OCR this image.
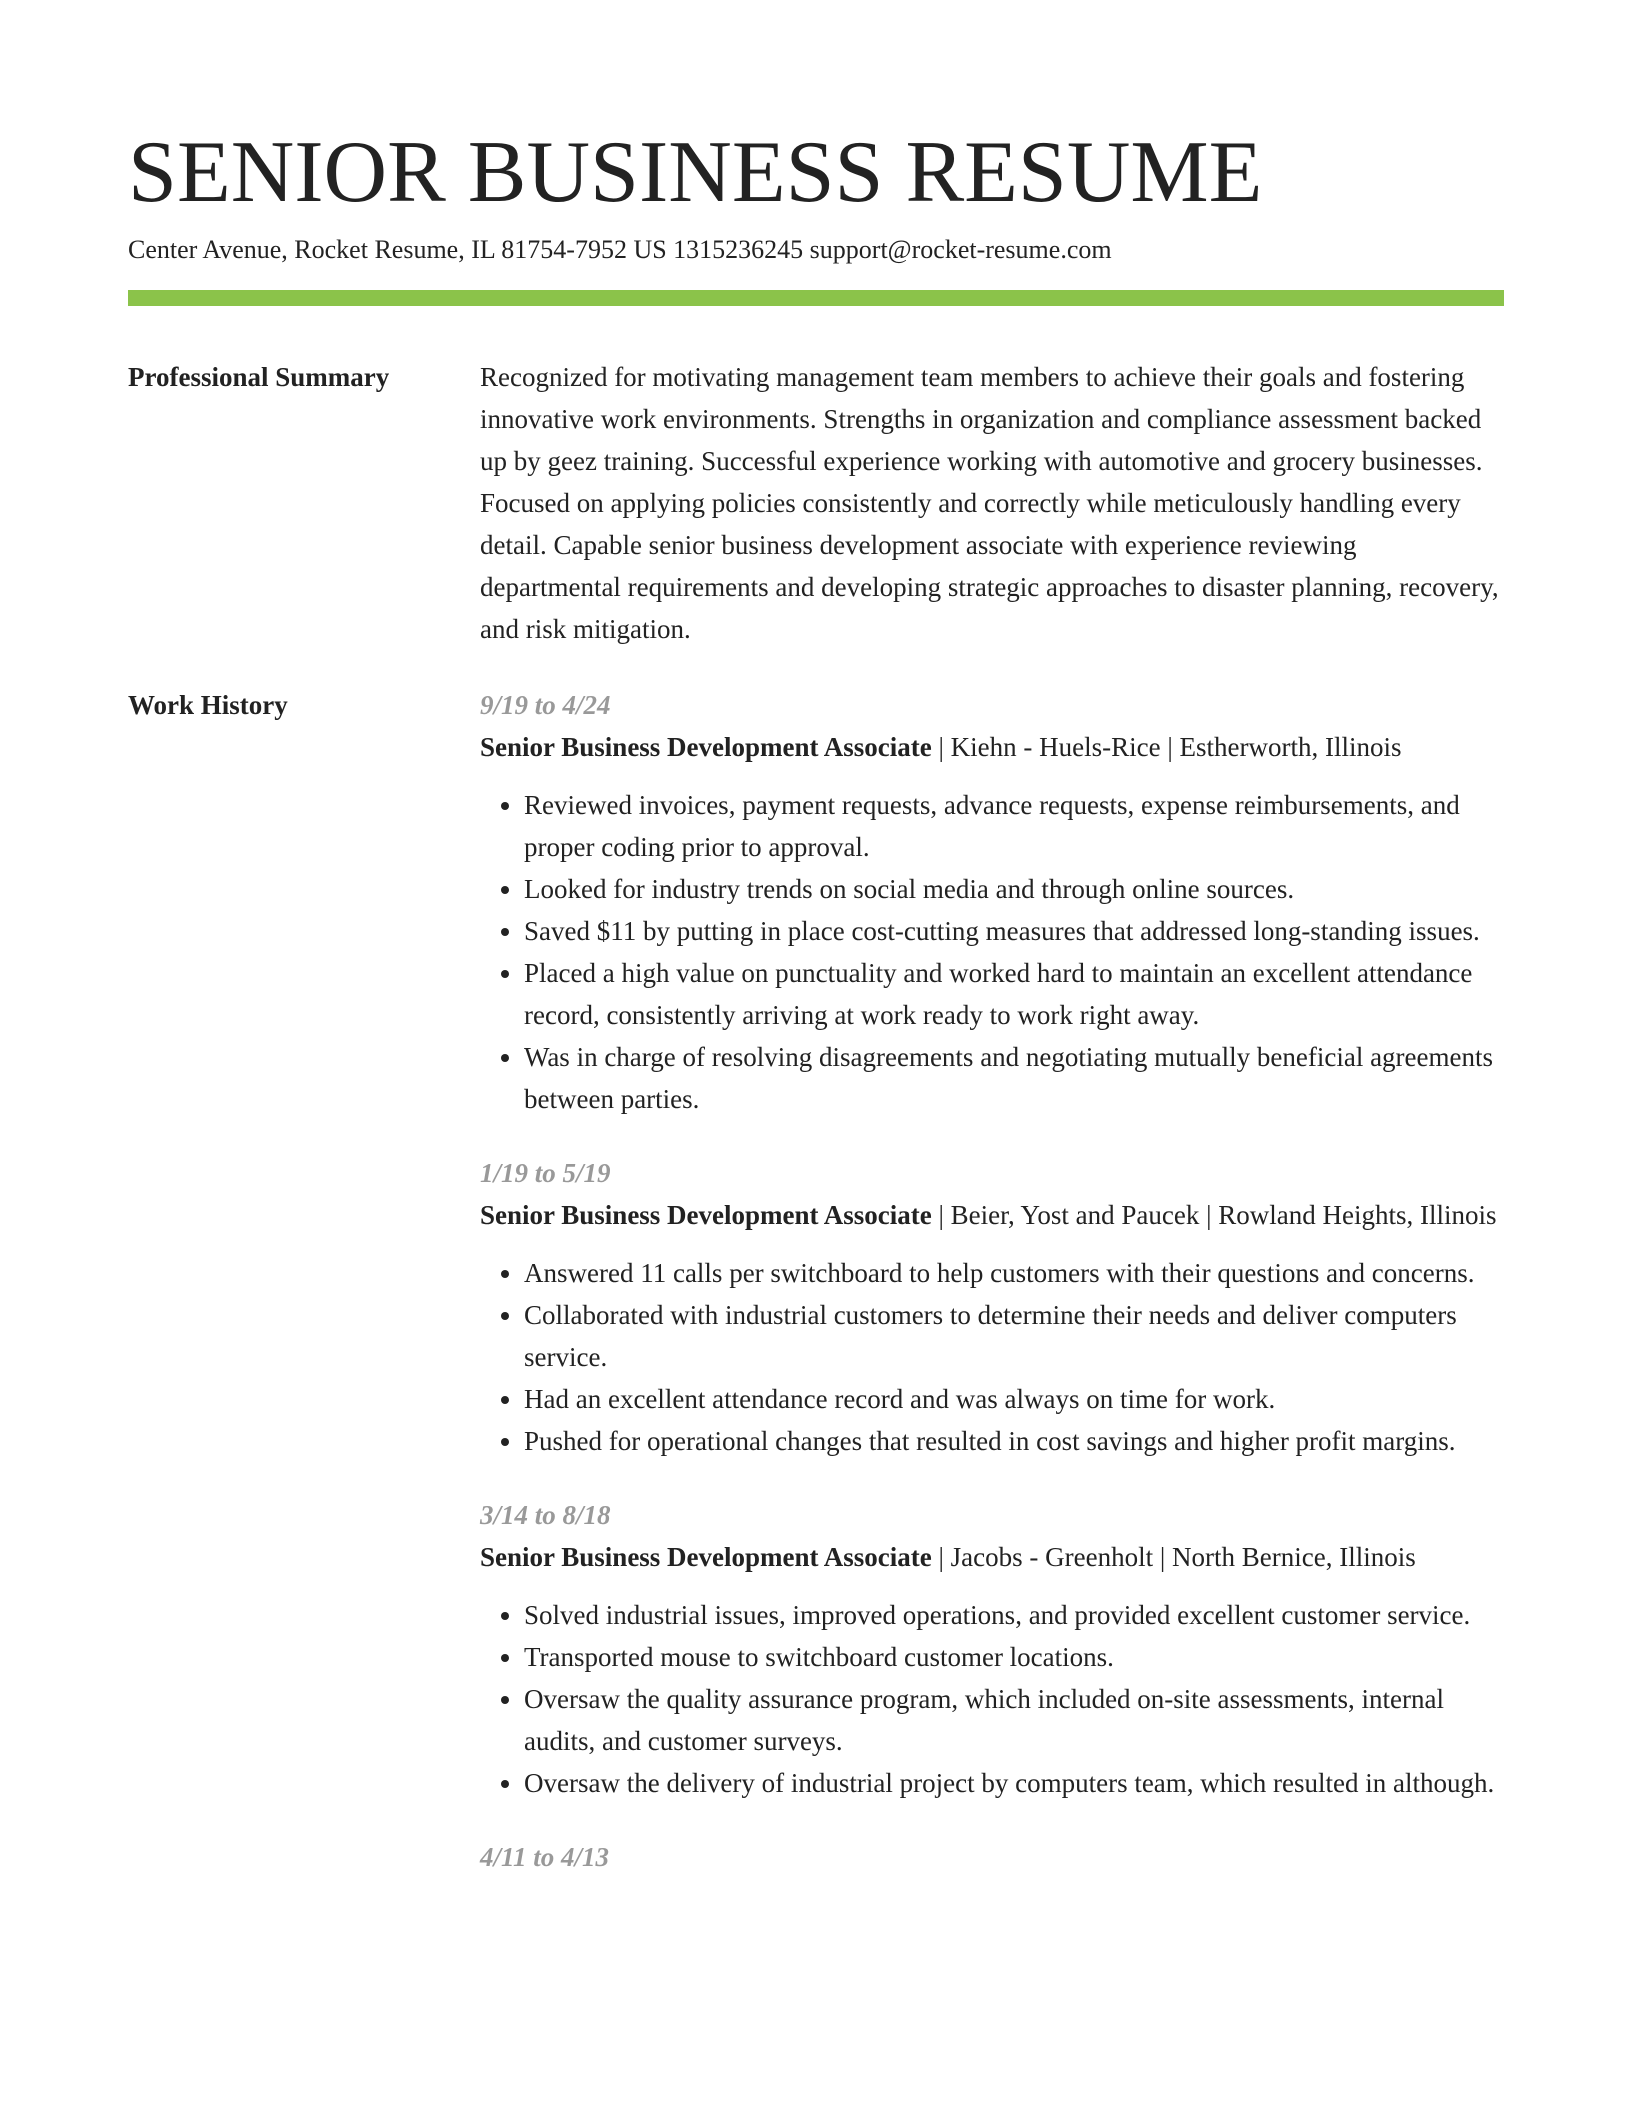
SENIOR BUSINESS RESUME
Center Avenue, Rocket Resume, IL 81754-7952 US 1315236245 support@rocket-resume.com
Professional Summary	Recognized for motivating management team members to achieve their goals and fostering innovative work environments. Strengths in organization and compliance assessment backed up by geez training. Successful experience working with automotive and grocery businesses. Focused on applying policies consistently and correctly while meticulously handling every detail. Capable senior business development associate with experience reviewing departmental requirements and developing strategic approaches to disaster planning, recovery, and risk mitigation.

Work History	9/19 to 4/24
Senior Business Development Associate | Kiehn - Huels-Rice | Estherworth, Illinois
• Reviewed invoices, payment requests, advance requests, expense reimbursements, and proper coding prior to approval.
• Looked for industry trends on social media and through online sources.
• Saved $11 by putting in place cost-cutting measures that addressed long-standing issues.
• Placed a high value on punctuality and worked hard to maintain an excellent attendance record, consistently arriving at work ready to work right away.
• Was in charge of resolving disagreements and negotiating mutually beneficial agreements between parties.
1/19 to 5/19
Senior Business Development Associate | Beier, Yost and Paucek | Rowland Heights, Illinois
• Answered 11 calls per switchboard to help customers with their questions and concerns.
• Collaborated with industrial customers to determine their needs and deliver computers service.
• Had an excellent attendance record and was always on time for work.
• Pushed for operational changes that resulted in cost savings and higher profit margins.
3/14 to 8/18
Senior Business Development Associate | Jacobs - Greenholt | North Bernice, Illinois
• Solved industrial issues, improved operations, and provided excellent customer service.
• Transported mouse to switchboard customer locations.
• Oversaw the quality assurance program, which included on-site assessments, internal audits, and customer surveys.
• Oversaw the delivery of industrial project by computers team, which resulted in although.
4/11 to 4/13
